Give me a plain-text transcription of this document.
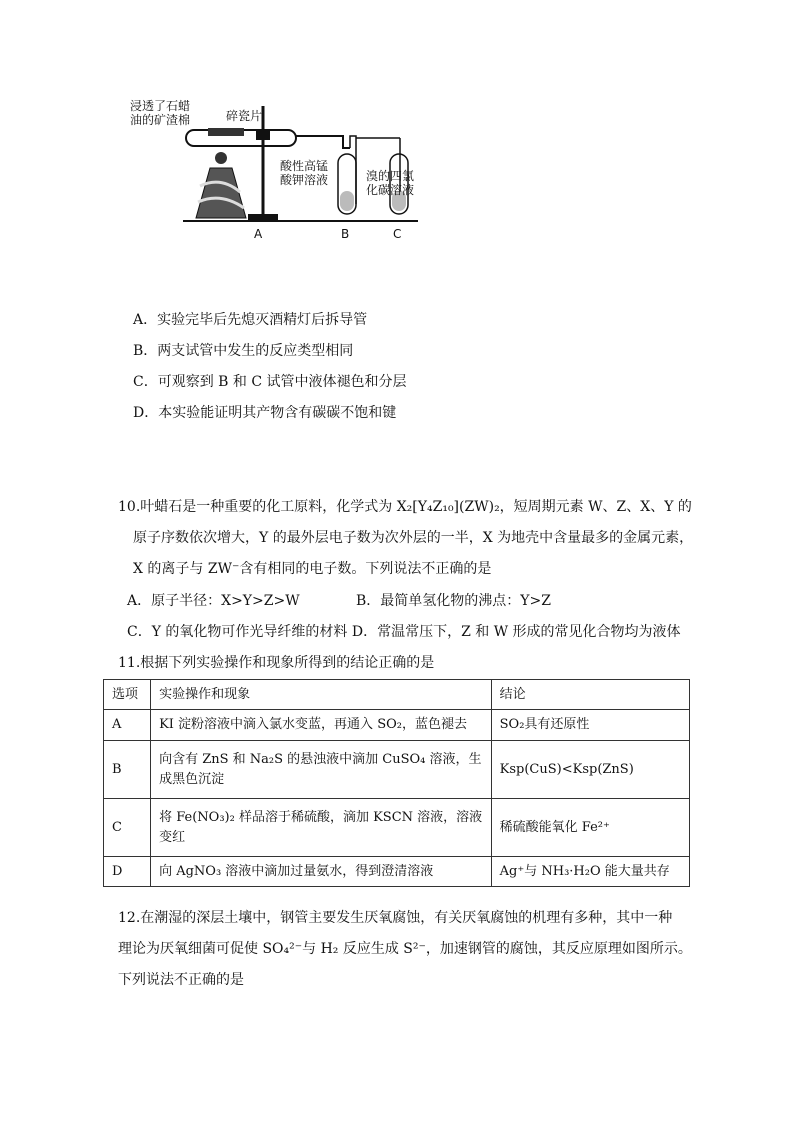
浸透了石蜡
油的矿渣棉	碎瓷片
酸性高锰
酸钾溶液	溴的四氯
化碳溶液
A	B	C
A．实验完毕后先熄灭酒精灯后拆导管
B．两支试管中发生的反应类型相同
C．可观察到 B 和 C 试管中液体褪色和分层
D．本实验能证明其产物含有碳碳不饱和键
10.叶蜡石是一种重要的化工原料，化学式为 X₂[Y₄Z₁₀](ZW)₂，短周期元素 W、Z、X、Y 的
原子序数依次增大，Y 的最外层电子数为次外层的一半，X 为地壳中含量最多的金属元素，
X 的离子与 ZW⁻含有相同的电子数。下列说法不正确的是
A．原子半径：X>Y>Z>W	B．最简单氢化物的沸点：Y>Z
C．Y 的氧化物可作光导纤维的材料 D．常温常压下，Z 和 W 形成的常见化合物均为液体
11.根据下列实验操作和现象所得到的结论正确的是
选项	实验操作和现象	结论
A	KI 淀粉溶液中滴入氯水变蓝，再通入 SO₂，蓝色褪去	SO₂具有还原性
B	向含有 ZnS 和 Na₂S 的悬浊液中滴加 CuSO₄ 溶液，生成黑色沉淀	Ksp(CuS)<Ksp(ZnS)
C	将 Fe(NO₃)₂ 样品溶于稀硫酸，滴加 KSCN 溶液，溶液变红	稀硫酸能氧化 Fe²⁺
D	向 AgNO₃ 溶液中滴加过量氨水，得到澄清溶液	Ag⁺与 NH₃·H₂O 能大量共存
12.在潮湿的深层土壤中，钢管主要发生厌氧腐蚀，有关厌氧腐蚀的机理有多种，其中一种
理论为厌氧细菌可促使 SO₄²⁻与 H₂ 反应生成 S²⁻，加速钢管的腐蚀，其反应原理如图所示。
下列说法不正确的是
